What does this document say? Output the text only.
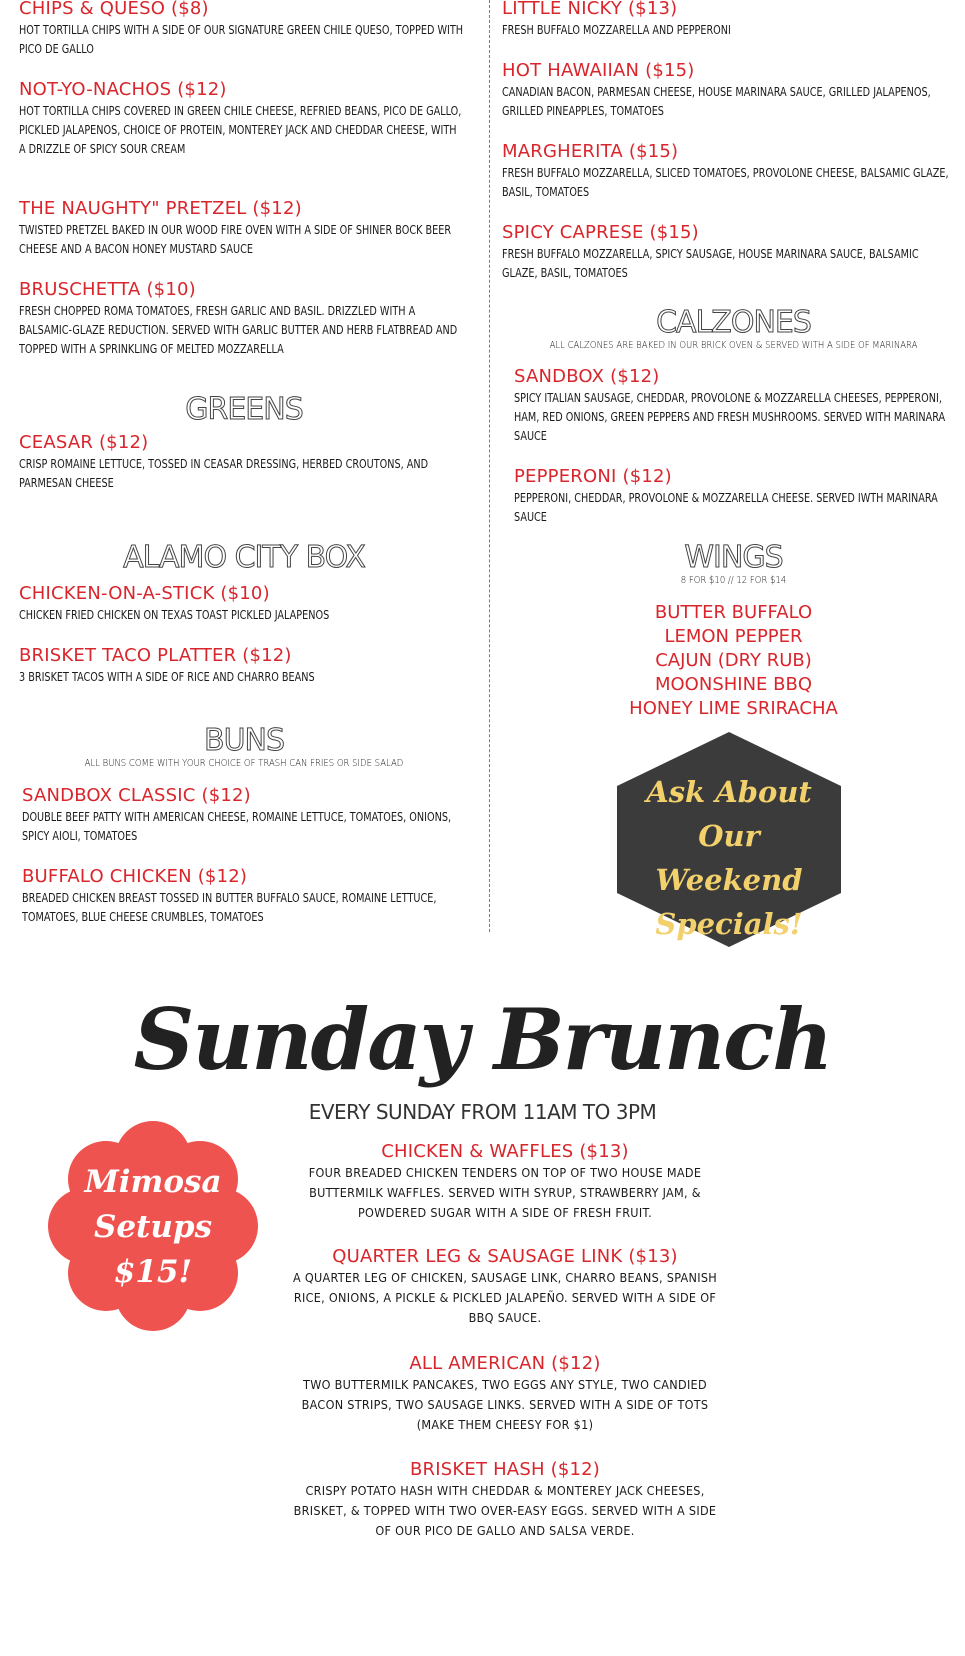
CHIPS & QUESO ($8)
HOT TORTILLA CHIPS WITH A SIDE OF OUR SIGNATURE GREEN CHILE QUESO, TOPPED WITH PICO DE GALLO
NOT-YO-NACHOS ($12)
HOT TORTILLA CHIPS COVERED IN GREEN CHILE CHEESE, REFRIED BEANS, PICO DE GALLO, PICKLED JALAPENOS, CHOICE OF PROTEIN, MONTEREY JACK AND CHEDDAR CHEESE, WITH A DRIZZLE OF SPICY SOUR CREAM
THE NAUGHTY" PRETZEL ($12)
TWISTED PRETZEL BAKED IN OUR WOOD FIRE OVEN WITH A SIDE OF SHINER BOCK BEER CHEESE AND A BACON HONEY MUSTARD SAUCE
BRUSCHETTA ($10)
FRESH CHOPPED ROMA TOMATOES, FRESH GARLIC AND BASIL. DRIZZLED WITH A BALSAMIC-GLAZE REDUCTION. SERVED WITH GARLIC BUTTER AND HERB FLATBREAD AND TOPPED WITH A SPRINKLING OF MELTED MOZZARELLA
GREENS
CEASAR ($12)
CRISP ROMAINE LETTUCE, TOSSED IN CEASAR DRESSING, HERBED CROUTONS, AND PARMESAN CHEESE
ALAMO CITY BOX
CHICKEN-ON-A-STICK ($10)
CHICKEN FRIED CHICKEN ON TEXAS TOAST PICKLED JALAPENOS
BRISKET TACO PLATTER ($12)
3 BRISKET TACOS WITH A SIDE OF RICE AND CHARRO BEANS
BUNS
ALL BUNS COME WITH YOUR CHOICE OF TRASH CAN FRIES OR SIDE SALAD
SANDBOX CLASSIC ($12)
DOUBLE BEEF PATTY WITH AMERICAN CHEESE, ROMAINE LETTUCE, TOMATOES, ONIONS, SPICY AIOLI, TOMATOES
BUFFALO CHICKEN ($12)
BREADED CHICKEN BREAST TOSSED IN BUTTER BUFFALO SAUCE, ROMAINE LETTUCE, TOMATOES, BLUE CHEESE CRUMBLES, TOMATOES
LITTLE NICKY ($13)
FRESH BUFFALO MOZZARELLA AND PEPPERONI
HOT HAWAIIAN ($15)
CANADIAN BACON, PARMESAN CHEESE, HOUSE MARINARA SAUCE, GRILLED JALAPENOS, GRILLED PINEAPPLES, TOMATOES
MARGHERITA ($15)
FRESH BUFFALO MOZZARELLA, SLICED TOMATOES, PROVOLONE CHEESE, BALSAMIC GLAZE, BASIL, TOMATOES
SPICY CAPRESE ($15)
FRESH BUFFALO MOZZARELLA, SPICY SAUSAGE, HOUSE MARINARA SAUCE, BALSAMIC GLAZE, BASIL, TOMATOES
CALZONES
ALL CALZONES ARE BAKED IN OUR BRICK OVEN & SERVED WITH A SIDE OF MARINARA
SANDBOX ($12)
SPICY ITALIAN SAUSAGE, CHEDDAR, PROVOLONE & MOZZARELLA CHEESES, PEPPERONI, HAM, RED ONIONS, GREEN PEPPERS AND FRESH MUSHROOMS. SERVED WITH MARINARA SAUCE
PEPPERONI ($12)
PEPPERONI, CHEDDAR, PROVOLONE & MOZZARELLA CHEESE. SERVED IWTH MARINARA SAUCE
WINGS
8 FOR $10 // 12 FOR $14
BUTTER BUFFALO
LEMON PEPPER
CAJUN (DRY RUB)
MOONSHINE BBQ
HONEY LIME SRIRACHA
Ask About Our
Weekend
Specials!
Sunday Brunch
EVERY SUNDAY FROM 11AM TO 3PM
Mimosa
Setups
$15!
CHICKEN & WAFFLES ($13)
FOUR BREADED CHICKEN TENDERS ON TOP OF TWO HOUSE MADE BUTTERMILK WAFFLES. SERVED WITH SYRUP, STRAWBERRY JAM, & POWDERED SUGAR WITH A SIDE OF FRESH FRUIT.
QUARTER LEG & SAUSAGE LINK ($13)
A QUARTER LEG OF CHICKEN, SAUSAGE LINK, CHARRO BEANS, SPANISH RICE, ONIONS, A PICKLE & PICKLED JALAPEÑO. SERVED WITH A SIDE OF BBQ SAUCE.
ALL AMERICAN ($12)
TWO BUTTERMILK PANCAKES, TWO EGGS ANY STYLE, TWO CANDIED BACON STRIPS, TWO SAUSAGE LINKS. SERVED WITH A SIDE OF TOTS (MAKE THEM CHEESY FOR $1)
BRISKET HASH ($12)
CRISPY POTATO HASH WITH CHEDDAR & MONTEREY JACK CHEESES, BRISKET, & TOPPED WITH TWO OVER-EASY EGGS. SERVED WITH A SIDE OF OUR PICO DE GALLO AND SALSA VERDE.
